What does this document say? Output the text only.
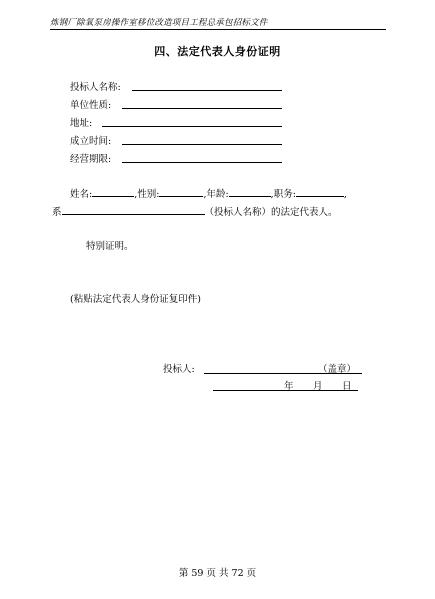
炼钢厂除氧泵房操作室移位改造项目工程总承包招标文件
四、法定代表人身份证明
投标人名称:
单位性质:
地址:
成立时间:
经营期限:
姓名:	,性别:	,年龄:	,职务:	,
系	（投标人名称）的法定代表人。
特别证明。
(粘贴法定代表人身份证复印件)
投标人:	（盖章）
年 月 日
第 59 页 共 72 页
